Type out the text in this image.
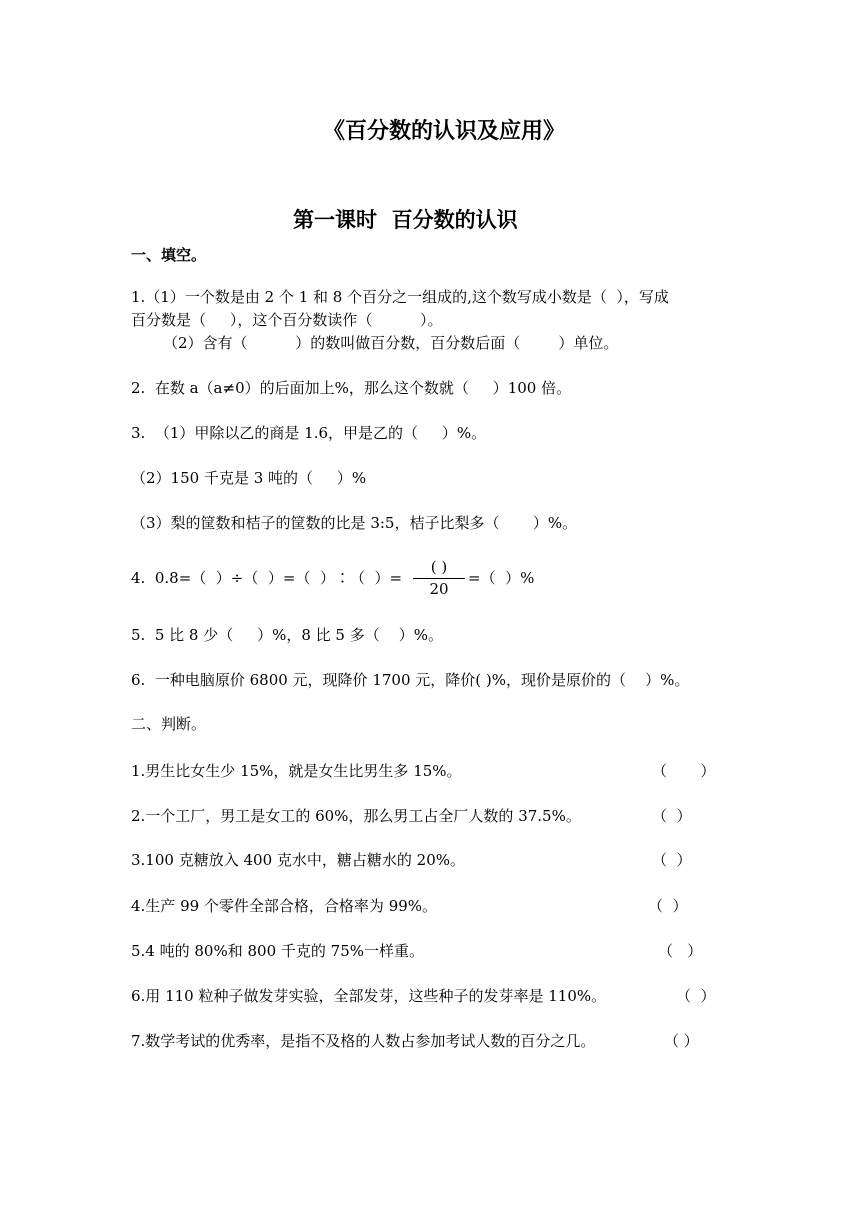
《百分数的认识及应用》
第一课时  百分数的认识
一、填空。
1.（1）一个数是由 2 个 1 和 8 个百分之一组成的,这个数写成小数是（  ），写成
百分数是（     ），这个百分数读作（          ）。
（2）含有（          ）的数叫做百分数，百分数后面（        ）单位。
2.  在数 a（a≠0）的后面加上%，那么这个数就（     ）100 倍。
3.  （1）甲除以乙的商是 1.6，甲是乙的（     ）%。
（2）150 千克是 3 吨的（     ）%
（3）梨的筐数和桔子的筐数的比是 3:5，桔子比梨多（       ）%。
4.  0.8=（  ）÷（  ）=（  ）∶（  ）=
( )
20
=（  ）%
5.  5 比 8 少（     ）%，8 比 5 多（    ）%。
6.  一种电脑原价 6800 元，现降价 1700 元，降价( )%，现价是原价的（    ）%。
二、判断。
1.男生比女生少 15%，就是女生比男生多 15%。	（       ）
2.一个工厂，男工是女工的 60%，那么男工占全厂人数的 37.5%。	（  ）
3.100 克糖放入 400 克水中，糖占糖水的 20%。	（  ）
4.生产 99 个零件全部合格，合格率为 99%。	（  ）
5.4 吨的 80%和 800 千克的 75%一样重。	（   ）
6.用 110 粒种子做发芽实验，全部发芽，这些种子的发芽率是 110%。	（  ）
7.数学考试的优秀率，是指不及格的人数占参加考试人数的百分之几。	（ ）
